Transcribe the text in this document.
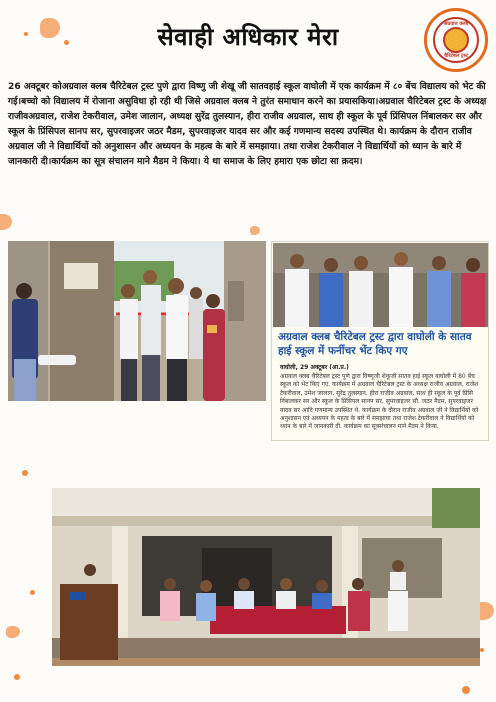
सेवाही अधिकार मेरा	अग्रवाल क्लब
चैरिटेबल ट्रस्ट
26 अक्टूबर कोअग्रवाल क्लब चैरिटेबल ट्रस्ट पुणे द्वारा विष्णु जी शेखू जी सातवहाई स्कूल वाघोली में एक कार्यक्रम में ८० बेंच विद्यालय को भेट की गई।बच्चो को विद्यालय में रोजाना असुविधा हो रही थी जिसे अग्रवाल क्लब ने तुरंत समाधान करने का प्रयासकिया।अग्रवाल चैरिटेबल ट्रस्ट के अध्यक्ष राजीवअग्रवाल, राजेश टेकरीवाल, उमेश जालान, अध्यक्ष सुरेंद्र तुलस्यान, हीरा राजीव अग्रवाल, साथ ही स्कूल के पूर्व प्रिंसिपल निंबालकर सर और स्कूल के प्रिंसिपल सानप सर, सुपरवाइजर जठर मैडम, सुपरवाइजर यादव सर और कई गणमान्य सदस्य उपस्थित थे। कार्यक्रम के दौरान राजीव अग्रवाल जी ने विद्यार्थियों को अनुशासन और अध्ययन के महत्व के बारे में समझाया। तथा राजेश टेकरीवाल ने विद्यार्थियों को ध्यान के बारे में जानकारी दी।कार्यक्रम का सूत्र संचालन माने मैडम ने किया। ये था समाज के लिए हमारा एक छोटा सा क़दम।
अग्रवाल क्लब चैरिटेबल ट्रस्ट द्वारा वाघोली के सातव हाई स्कूल में फर्नीचर भेंट किए गए
वाघोली, 29 अक्टूबर (आ.प्र.)
अग्रवाल क्लब चैरिटेबल ट्रस्ट पुणे द्वारा विष्णूजी शेकूजी सातव हाई स्कूल वाघोली में 80 बेंच स्कूल को भेंट किए गए. कार्यक्रम में अग्रवाल चैरिटेबल ट्रस्ट के अध्यक्ष राजीव अग्रवाल, राजेश टेकरीवाल, उमेश जालान, सुरेंद्र तुलस्यान, हीरा राजीव अग्रवाल, साथ ही स्कूल के पूर्व प्रिंसि निंबालकर सर और स्कूल के प्रिंसिपल सानप सर, सुपरवाइजर सौ. जठर मैडम, सुपरवाइजर यादव सर आदि गणमान्य उपस्थित थे. कार्यक्रम के दौरान राजीव अग्रवाल जी ने विद्यार्थियों को अनुशासन एवं अध्ययन के महत्व के बारे में समझाया तथा राजेश टेकरीवाल ने विद्यार्थियों को ध्यान के बारे में जानकारी दी. कार्यक्रम का सूत्रसंचालन माने मैडम ने किया.
